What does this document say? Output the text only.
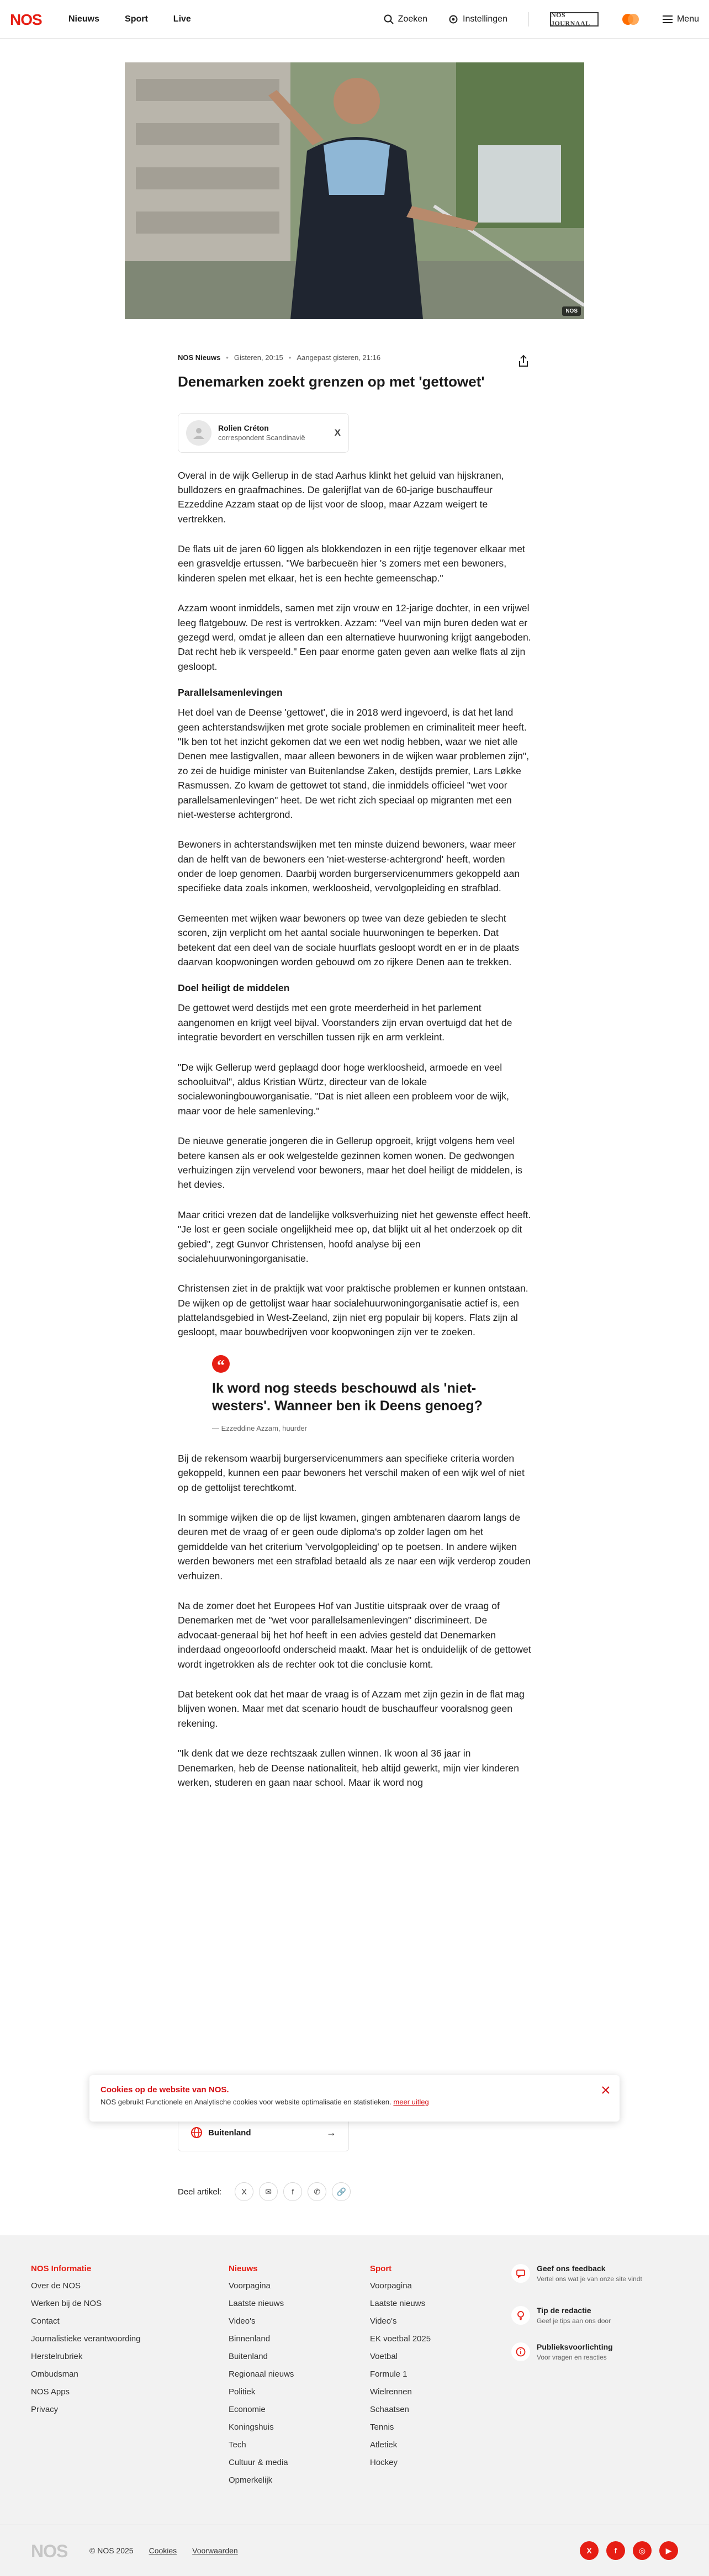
NOS	Nieuws	Sport	Live	Zoeken	Instellingen	NOS JOURNAAL	Menu
NOS
NOS Nieuws • Gisteren, 20:15 • Aangepast gisteren, 21:16
Denemarken zoekt grenzen op met 'gettowet'
Rolien Créton
correspondent Scandinavië	X

Overal in de wijk Gellerup in de stad Aarhus klinkt het geluid van hijskranen, bulldozers en graafmachines. De galerijflat van de 60-jarige buschauffeur Ezzeddine Azzam staat op de lijst voor de sloop, maar Azzam weigert te vertrekken.

De flats uit de jaren 60 liggen als blokkendozen in een rijtje tegenover elkaar met een grasveldje ertussen. "We barbecueën hier 's zomers met een bewoners, kinderen spelen met elkaar, het is een hechte gemeenschap."

Azzam woont inmiddels, samen met zijn vrouw en 12-jarige dochter, in een vrijwel leeg flatgebouw. De rest is vertrokken. Azzam: "Veel van mijn buren deden wat er gezegd werd, omdat je alleen dan een alternatieve huurwoning krijgt aangeboden. Dat recht heb ik verspeeld." Een paar enorme gaten geven aan welke flats al zijn gesloopt.

Parallelsamenlevingen

Het doel van de Deense 'gettowet', die in 2018 werd ingevoerd, is dat het land geen achterstandswijken met grote sociale problemen en criminaliteit meer heeft. "Ik ben tot het inzicht gekomen dat we een wet nodig hebben, waar we niet alle Denen mee lastigvallen, maar alleen bewoners in de wijken waar problemen zijn", zo zei de huidige minister van Buitenlandse Zaken, destijds premier, Lars Løkke Rasmussen. Zo kwam de gettowet tot stand, die inmiddels officieel "wet voor parallelsamenlevingen" heet. De wet richt zich speciaal op migranten met een niet-westerse achtergrond.

Bewoners in achterstandswijken met ten minste duizend bewoners, waar meer dan de helft van de bewoners een 'niet-westerse-achtergrond' heeft, worden onder de loep genomen. Daarbij worden burgerservicenummers gekoppeld aan specifieke data zoals inkomen, werkloosheid, vervolgopleiding en strafblad.

Gemeenten met wijken waar bewoners op twee van deze gebieden te slecht scoren, zijn verplicht om het aantal sociale huurwoningen te beperken. Dat betekent dat een deel van de sociale huurflats gesloopt wordt en er in de plaats daarvan koopwoningen worden gebouwd om zo rijkere Denen aan te trekken.

Doel heiligt de middelen

De gettowet werd destijds met een grote meerderheid in het parlement aangenomen en krijgt veel bijval. Voorstanders zijn ervan overtuigd dat het de integratie bevordert en verschillen tussen rijk en arm verkleint.

"De wijk Gellerup werd geplaagd door hoge werkloosheid, armoede en veel schooluitval", aldus Kristian Würtz, directeur van de lokale socialewoningbouworganisatie. "Dat is niet alleen een probleem voor de wijk, maar voor de hele samenleving."

De nieuwe generatie jongeren die in Gellerup opgroeit, krijgt volgens hem veel betere kansen als er ook welgestelde gezinnen komen wonen. De gedwongen verhuizingen zijn vervelend voor bewoners, maar het doel heiligt de middelen, is het devies.

Maar critici vrezen dat de landelijke volksverhuizing niet het gewenste effect heeft. "Je lost er geen sociale ongelijkheid mee op, dat blijkt uit al het onderzoek op dit gebied", zegt Gunvor Christensen, hoofd analyse bij een socialehuurwoningorganisatie.

Christensen ziet in de praktijk wat voor praktische problemen er kunnen ontstaan. De wijken op de gettolijst waar haar socialehuurwoningorganisatie actief is, een plattelandsgebied in West-Zeeland, zijn niet erg populair bij kopers. Flats zijn al gesloopt, maar bouwbedrijven voor koopwoningen zijn ver te zoeken.

“
Ik word nog steeds beschouwd als 'niet-westers'. Wanneer ben ik Deens genoeg?
— Ezzeddine Azzam, huurder

Bij de rekensom waarbij burgerservicenummers aan specifieke criteria worden gekoppeld, kunnen een paar bewoners het verschil maken of een wijk wel of niet op de gettolijst terechtkomt.

In sommige wijken die op de lijst kwamen, gingen ambtenaren daarom langs de deuren met de vraag of er geen oude diploma's op zolder lagen om het gemiddelde van het criterium 'vervolgopleiding' op te poetsen. In andere wijken werden bewoners met een strafblad betaald als ze naar een wijk verderop zouden verhuizen.

Na de zomer doet het Europees Hof van Justitie uitspraak over de vraag of Denemarken met de "wet voor parallelsamenlevingen" discrimineert. De advocaat-generaal bij het hof heeft in een advies gesteld dat Denemarken inderdaad ongeoorloofd onderscheid maakt. Maar het is onduidelijk of de gettowet wordt ingetrokken als de rechter ook tot die conclusie komt.

Dat betekent ook dat het maar de vraag is of Azzam met zijn gezin in de flat mag blijven wonen. Maar met dat scenario houdt de buschauffeur vooralsnog geen rekening.

"Ik denk dat we deze rechtszaak zullen winnen. Ik woon al 36 jaar in Denemarken, heb de Deense nationaliteit, heb altijd gewerkt, mijn vier kinderen werken, studeren en gaan naar school. Maar ik word nog

Buitenland	→
Deel artikel:	X	✉	f	✆	🔗
Cookies op de website van NOS.
NOS gebruikt Functionele en Analytische cookies voor website optimalisatie en statistieken. meer uitleg
NOS Informatie
Over de NOS
Werken bij de NOS
Contact
Journalistieke verantwoording
Herstelrubriek
Ombudsman
NOS Apps
Privacy
Nieuws
Voorpagina
Laatste nieuws
Video's
Binnenland
Buitenland
Regionaal nieuws
Politiek
Economie
Koningshuis
Tech
Cultuur & media
Opmerkelijk
Sport
Voorpagina
Laatste nieuws
Video's
EK voetbal 2025
Voetbal
Formule 1
Wielrennen
Schaatsen
Tennis
Atletiek
Hockey
Geef ons feedback
Vertel ons wat je van onze site vindt
Tip de redactie
Geef je tips aan ons door
Publieksvoorlichting
Voor vragen en reacties
NOS	© NOS 2025 Cookies Voorwaarden	X	f	◎	▶
